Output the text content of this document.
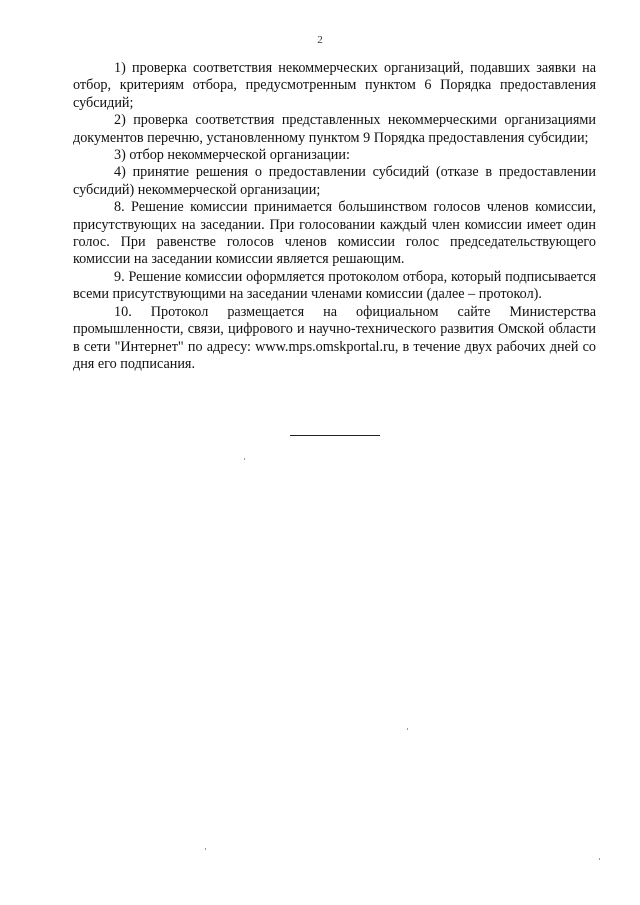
2

1) проверка соответствия некоммерческих организаций, подавших заявки на отбор, критериям отбора, предусмотренным пунктом 6 Порядка предоставления субсидий;

2) проверка соответствия представленных некоммерческими организациями документов перечню, установленному пунктом 9 Порядка предоставления субсидии;

3) отбор некоммерческой организации:

4) принятие решения о предоставлении субсидий (отказе в предоставлении субсидий) некоммерческой организации;

8. Решение комиссии принимается большинством голосов членов комиссии, присутствующих на заседании. При голосовании каждый член комиссии имеет один голос. При равенстве голосов членов комиссии голос председательствующего комиссии на заседании комиссии является решающим.

9. Решение комиссии оформляется протоколом отбора, который подписывается всеми присутствующими на заседании членами комиссии (далее – протокол).

10. Протокол размещается на официальном сайте Министерства промышленности, связи, цифрового и научно-технического развития Омской области в сети "Интернет" по адресу: www.mps.omskportal.ru, в течение двух рабочих дней со дня его подписания.
